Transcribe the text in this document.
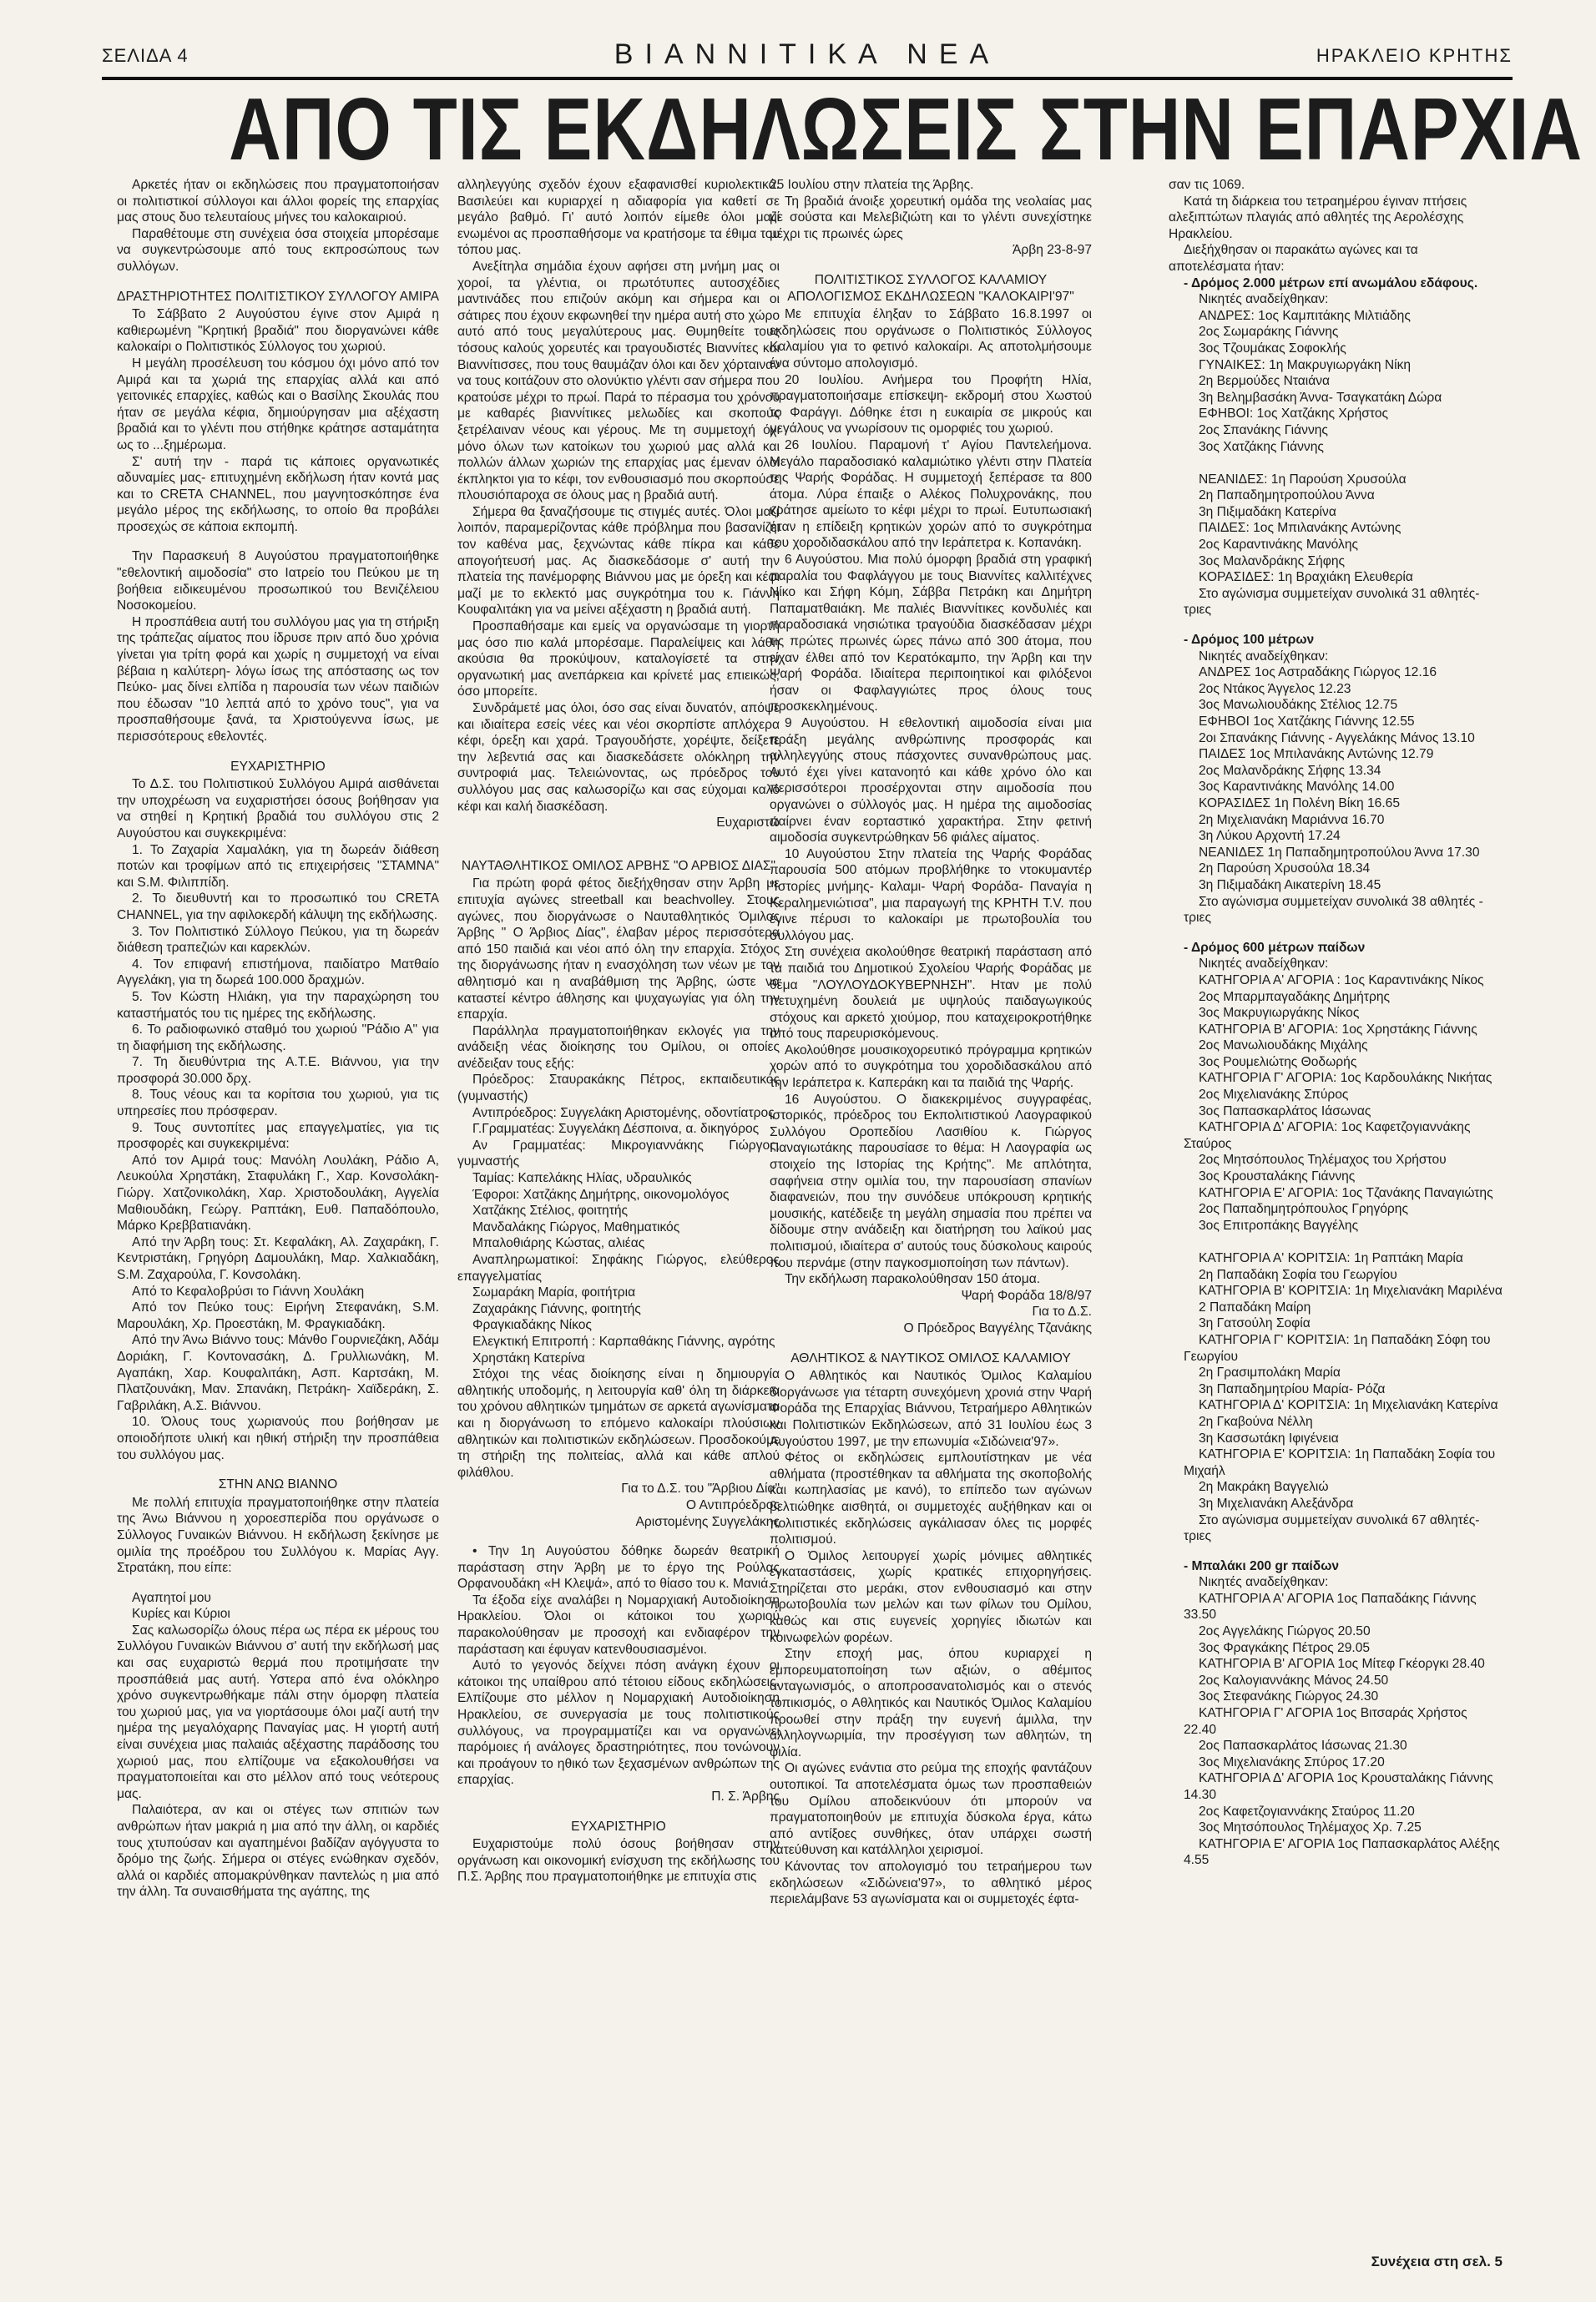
ΣΕΛΙΔΑ 4	ΒΙΑΝΝΙΤΙΚΑ ΝΕΑ	ΗΡΑΚΛΕΙΟ ΚΡΗΤΗΣ
ΑΠΟ ΤΙΣ ΕΚΔΗΛΩΣΕΙΣ ΣΤΗΝ ΕΠΑΡΧΙΑ

Αρκετές ήταν οι εκδηλώσεις που πραγματοποιήσαν οι πολιτιστικοί σύλλογοι και άλλοι φορείς της επαρχίας μας στους δυο τελευταίους μήνες του καλοκαιριού.

Παραθέτουμε στη συνέχεια όσα στοιχεία μπορέσαμε να συγκεντρώσουμε από τους εκπροσώπους των συλλόγων.

ΔΡΑΣΤΗΡΙΟΤΗΤΕΣ ΠΟΛΙΤΙΣΤΙΚΟΥ ΣΥΛΛΟΓΟΥ ΑΜΙΡΑ

Το Σάββατο 2 Αυγούστου έγινε στον Αμιρά η καθιερωμένη "Κρητική βραδιά" που διοργανώνει κάθε καλοκαίρι ο Πολιτιστικός Σύλλογος του χωριού.

Η μεγάλη προσέλευση του κόσμου όχι μόνο από τον Αμιρά και τα χωριά της επαρχίας αλλά και από γειτονικές επαρχίες, καθώς και ο Βασίλης Σκουλάς που ήταν σε μεγάλα κέφια, δημιούργησαν μια αξέχαστη βραδιά και το γλέντι που στήθηκε κράτησε ασταμάτητα ως το ...ξημέρωμα.

Σ' αυτή την - παρά τις κάποιες οργανωτικές αδυναμίες μας- επιτυχημένη εκδήλωση ήταν κοντά μας και το CRETA CHANNEL, που μαγνητοσκόπησε ένα μεγάλο μέρος της εκδήλωσης, το οποίο θα προβάλει προσεχώς σε κάποια εκπομπή.

Την Παρασκευή 8 Αυγούστου πραγματοποιήθηκε "εθελοντική αιμοδοσία" στο Ιατρείο του Πεύκου με τη βοήθεια ειδικευμένου προσωπικού του Βενιζέλειου Νοσοκομείου.

Η προσπάθεια αυτή του συλλόγου μας για τη στήριξη της τράπεζας αίματος που ίδρυσε πριν από δυο χρόνια γίνεται για τρίτη φορά και χωρίς η συμμετοχή να είναι βέβαια η καλύτερη- λόγω ίσως της απόστασης ως τον Πεύκο- μας δίνει ελπίδα η παρουσία των νέων παιδιών που έδωσαν "10 λεπτά από το χρόνο τους", για να προσπαθήσουμε ξανά, τα Χριστούγεννα ίσως, με περισσότερους εθελοντές.

ΕΥΧΑΡΙΣΤΗΡΙΟ

Το Δ.Σ. του Πολιτιστικού Συλλόγου Αμιρά αισθάνεται την υποχρέωση να ευχαριστήσει όσους βοήθησαν για να στηθεί η Κρητική βραδιά του συλλόγου στις 2 Αυγούστου και συγκεκριμένα:

1. Το Ζαχαρία Χαμαλάκη, για τη δωρεάν διάθεση ποτών και τροφίμων από τις επιχειρήσεις "ΣΤΑΜΝΑ" και S.M. Φιλιππίδη.

2. Το διευθυντή και το προσωπικό του CRETA CHANNEL, για την αφιλοκερδή κάλυψη της εκδήλωσης.

3. Τον Πολιτιστικό Σύλλογο Πεύκου, για τη δωρεάν διάθεση τραπεζιών και καρεκλών.

4. Τον επιφανή επιστήμονα, παιδίατρο Ματθαίο Αγγελάκη, για τη δωρεά 100.000 δραχμών.

5. Τον Κώστη Ηλιάκη, για την παραχώρηση του καταστήματός του τις ημέρες της εκδήλωσης.

6. Το ραδιοφωνικό σταθμό του χωριού "Ράδιο Α" για τη διαφήμιση της εκδήλωσης.

7. Τη διευθύντρια της Α.Τ.Ε. Βιάννου, για την προσφορά 30.000 δρχ.

8. Τους νέους και τα κορίτσια του χωριού, για τις υπηρεσίες που πρόσφεραν.

9. Τους συντοπίτες μας επαγγελματίες, για τις προσφορές και συγκεκριμένα:

Από τον Αμιρά τους: Μανόλη Λουλάκη, Ράδιο Α, Λευκούλα Χρηστάκη, Σταφυλάκη Γ., Χαρ. Κονσολάκη- Γιώργ. Χατζονικολάκη, Χαρ. Χριστοδουλάκη, Αγγελία Μαθιουδάκη, Γεώργ. Ραπτάκη, Ευθ. Παπαδόπουλο, Μάρκο Κρεββατιανάκη.

Από την Άρβη τους: Στ. Κεφαλάκη, Αλ. Ζαχαράκη, Γ. Κεντριστάκη, Γρηγόρη Δαμουλάκη, Μαρ. Χαλκιαδάκη, S.M. Ζαχαρούλα, Γ. Κονσολάκη.

Από το Κεφαλοβρύσι το Γιάννη Χουλάκη

Από τον Πεύκο τους: Ειρήνη Στεφανάκη, S.M. Μαρουλάκη, Χρ. Προεστάκη, Μ. Φραγκιαδάκη.

Από την Άνω Βιάννο τους: Μάνθο Γουρνιεζάκη, Αδάμ Δοριάκη, Γ. Κοντονασάκη, Δ. Γρυλλιωνάκη, Μ. Αγαπάκη, Χαρ. Κουφαλιτάκη, Ασπ. Καρτσάκη, Μ. Πλατζουνάκη, Μαν. Σπανάκη, Πετράκη- Χαϊδεράκη, Σ. Γαβριλάκη, Α.Σ. Βιάννου.

10. Όλους τους χωριανούς που βοήθησαν με οποιοδήποτε υλική και ηθική στήριξη την προσπάθεια του συλλόγου μας.

ΣΤΗΝ ΑΝΩ ΒΙΑΝΝΟ

Με πολλή επιτυχία πραγματοποιήθηκε στην πλατεία της Άνω Βιάννου η χοροεσπερίδα που οργάνωσε ο Σύλλογος Γυναικών Βιάννου. Η εκδήλωση ξεκίνησε με ομιλία της προέδρου του Συλλόγου κ. Μαρίας Αγγ. Στρατάκη, που είπε:

Αγαπητοί μου

Κυρίες και Κύριοι

Σας καλωσορίζω όλους πέρα ως πέρα εκ μέρους του Συλλόγου Γυναικών Βιάννου σ' αυτή την εκδήλωσή μας και σας ευχαριστώ θερμά που προτιμήσατε την προσπάθειά μας αυτή. Υστερα από ένα ολόκληρο χρόνο συγκεντρωθήκαμε πάλι στην όμορφη πλατεία του χωριού μας, για να γιορτάσουμε όλοι μαζί αυτή την ημέρα της μεγαλόχαρης Παναγίας μας. Η γιορτή αυτή είναι συνέχεια μιας παλαιάς αξέχαστης παράδοσης του χωριού μας, που ελπίζουμε να εξακολουθήσει να πραγματοποιείται και στο μέλλον από τους νεότερους μας.

Παλαιότερα, αν και οι στέγες των σπιτιών των ανθρώπων ήταν μακριά η μια από την άλλη, οι καρδιές τους χτυπούσαν και αγαπημένοι βαδίζαν αγόγγυστα το δρόμο της ζωής. Σήμερα οι στέγες ενώθηκαν σχεδόν, αλλά οι καρδιές απομακρύνθηκαν παντελώς η μια από την άλλη. Τα συναισθήματα της αγάπης, της

αλληλεγγύης σχεδόν έχουν εξαφανισθεί κυριολεκτικά. Βασιλεύει και κυριαρχεί η αδιαφορία για καθετί σε μεγάλο βαθμό. Γι' αυτό λοιπόν είμεθε όλοι μαζί ενωμένοι ας προσπαθήσομε να κρατήσομε τα έθιμα του τόπου μας.

Ανεξίτηλα σημάδια έχουν αφήσει στη μνήμη μας οι χοροί, τα γλέντια, οι πρωτότυπες αυτοσχέδιες μαντινάδες που επιζούν ακόμη και σήμερα και οι σάτιρες που έχουν εκφωνηθεί την ημέρα αυτή στο χώρο αυτό από τους μεγαλύτερους μας. Θυμηθείτε τους τόσους καλούς χορευτές και τραγουδιστές Βιαννίτες και Βιαννίτισσες, που τους θαυμάζαν όλοι και δεν χόρταιναν να τους κοιτάζουν στο ολονύκτιο γλέντι σαν σήμερα που κρατούσε μέχρι το πρωί. Παρά το πέρασμα του χρόνου με καθαρές βιαννίτικες μελωδίες και σκοπούς ξετρέλαιναν νέους και γέρους. Με τη συμμετοχή όχι μόνο όλων των κατοίκων του χωριού μας αλλά και πολλών άλλων χωριών της επαρχίας μας έμεναν όλοι έκπληκτοι για το κέφι, τον ενθουσιασμό που σκορπούσε πλουσιόπαροχα σε όλους μας η βραδιά αυτή.

Σήμερα θα ξαναζήσουμε τις στιγμές αυτές. Όλοι μαζί λοιπόν, παραμερίζοντας κάθε πρόβλημα που βασανίζει τον καθένα μας, ξεχνώντας κάθε πίκρα και κάθε απογοήτευσή μας. Ας διασκεδάσομε σ' αυτή την πλατεία της πανέμορφης Βιάννου μας με όρεξη και κέφι μαζί με το εκλεκτό μας συγκρότημα του κ. Γιάννη Κουφαλιτάκη για να μείνει αξέχαστη η βραδιά αυτή.

Προσπαθήσαμε και εμείς να οργανώσαμε τη γιορτή μας όσο πιο καλά μπορέσαμε. Παραλείψεις και λάθη ακούσια θα προκύψουν, καταλογίσετέ τα στην οργανωτική μας ανεπάρκεια και κρίνετέ μας επιεικώς, όσο μπορείτε.

Συνδράμετέ μας όλοι, όσο σας είναι δυνατόν, απόψε και ιδιαίτερα εσείς νέες και νέοι σκορπίστε απλόχερα κέφι, όρεξη και χαρά. Τραγουδήστε, χορέψτε, δείξετε την λεβεντιά σας και διασκεδάσετε ολόκληρη την συντροφιά μας. Τελειώνοντας, ως πρόεδρος του συλλόγου μας σας καλωσορίζω και σας εύχομαι καλό κέφι και καλή διασκέδαση.

Ευχαριστώ

ΝΑΥΤΑΘΛΗΤΙΚΟΣ ΟΜΙΛΟΣ ΑΡΒΗΣ "Ο ΑΡΒΙΟΣ ΔΙΑΣ"

Για πρώτη φορά φέτος διεξήχθησαν στην Άρβη με επιτυχία αγώνες streetball και beachvolley. Στους αγώνες, που διοργάνωσε ο Ναυταθλητικός Όμιλος Άρβης " Ο Άρβιος Δίας", έλαβαν μέρος περισσότερα από 150 παιδιά και νέοι από όλη την επαρχία. Στόχος της διοργάνωσης ήταν η ενασχόληση των νέων με τον αθλητισμό και η αναβάθμιση της Άρβης, ώστε να καταστεί κέντρο άθλησης και ψυχαγωγίας για όλη την επαρχία.

Παράλληλα πραγματοποιήθηκαν εκλογές για την ανάδειξη νέας διοίκησης του Ομίλου, οι οποίες ανέδειξαν τους εξής:

Πρόεδρος: Σταυρακάκης Πέτρος, εκπαιδευτικός (γυμναστής)

Αντιπρόεδρος: Συγγελάκη Αριστομένης, οδοντίατρος

Γ.Γραμματέας: Συγγελάκη Δέσποινα, α. δικηγόρος

Αν Γραμματέας: Μικρογιαννάκης Γιώργος, γυμναστής

Ταμίας: Καπελάκης Ηλίας, υδραυλικός

Έφοροι: Χατζάκης Δημήτρης, οικονομολόγος

Χατζάκης Στέλιος, φοιτητής

Μανδαλάκης Γιώργος, Μαθηματικός

Μπαλοθιάρης Κώστας, αλιέας

Αναπληρωματικοί: Σηφάκης Γιώργος, ελεύθερος επαγγελματίας

Σωμαράκη Μαρία, φοιτήτρια

Ζαχαράκης Γιάννης, φοιτητής

Φραγκιαδάκης Νίκος

Ελεγκτική Επιτροπή : Καρπαθάκης Γιάννης, αγρότης

Χρηστάκη Κατερίνα

Στόχοι της νέας διοίκησης είναι η δημιουργία αθλητικής υποδομής, η λειτουργία καθ' όλη τη διάρκεια του χρόνου αθλητικών τμημάτων σε αρκετά αγωνίσματα και η διοργάνωση το επόμενο καλοκαίρι πλούσιων αθλητικών και πολιτιστικών εκδηλώσεων. Προσδοκούμε τη στήριξη της πολιτείας, αλλά και κάθε απλού φιλάθλου.

Για το Δ.Σ. του "Άρβιου Δία"

Ο Αντιπρόεδρος

Αριστομένης Συγγελάκης

• Την 1η Αυγούστου δόθηκε δωρεάν θεατρική παράσταση στην Άρβη με το έργο της Ρούλας Ορφανουδάκη «Η Κλεψά», από το θίασο του κ. Μανιά.

Τα έξοδα είχε αναλάβει η Νομαρχιακή Αυτοδιοίκηση Ηρακλείου. Όλοι οι κάτοικοι του χωριού παρακολούθησαν με προσοχή και ενδιαφέρον την παράσταση και έφυγαν κατενθουσιασμένοι.

Αυτό το γεγονός δείχνει πόση ανάγκη έχουν οι κάτοικοι της υπαίθρου από τέτοιου είδους εκδηλώσεις. Ελπίζουμε στο μέλλον η Νομαρχιακή Αυτοδιοίκηση Ηρακλείου, σε συνεργασία με τους πολιτιστικούς συλλόγους, να προγραμματίζει και να οργανώνει παρόμοιες ή ανάλογες δραστηριότητες, που τονώνουν και προάγουν το ηθικό των ξεχασμένων ανθρώπων της επαρχίας.

Π. Σ. Άρβης

ΕΥΧΑΡΙΣΤΗΡΙΟ

Ευχαριστούμε πολύ όσους βοήθησαν στην οργάνωση και οικονομική ενίσχυση της εκδήλωσης του Π.Σ. Άρβης που πραγματοποιήθηκε με επιτυχία στις

25 Ιουλίου στην πλατεία της Άρβης.

Τη βραδιά άνοιξε χορευτική ομάδα της νεολαίας μας με σούστα και Μελεβιζιώτη και το γλέντι συνεχίστηκε μέχρι τις πρωινές ώρες

Άρβη 23-8-97

ΠΟΛΙΤΙΣΤΙΚΟΣ ΣΥΛΛΟΓΟΣ ΚΑΛΑΜΙΟΥ ΑΠΟΛΟΓΙΣΜΟΣ ΕΚΔΗΛΩΣΕΩΝ "ΚΑΛΟΚΑΙΡΙ'97"

Με επιτυχία έληξαν το Σάββατο 16.8.1997 οι εκδηλώσεις που οργάνωσε ο Πολιτιστικός Σύλλογος Καλαμίου για το φετινό καλοκαίρι. Ας αποτολμήσουμε ένα σύντομο απολογισμό.

20 Ιουλίου. Ανήμερα του Προφήτη Ηλία, πραγματοποιήσαμε επίσκεψη- εκδρομή στου Χωστού το Φαράγγι. Δόθηκε έτσι η ευκαιρία σε μικρούς και μεγάλους να γνωρίσουν τις ομορφιές του χωριού.

26 Ιουλίου. Παραμονή τ' Αγίου Παντελεήμονα. Μεγάλο παραδοσιακό καλαμιώτικο γλέντι στην Πλατεία της Ψαρής Φοράδας. Η συμμετοχή ξεπέρασε τα 800 άτομα. Λύρα έπαιξε ο Αλέκος Πολυχρονάκης, που κράτησε αμείωτο το κέφι μέχρι το πρωί. Ευτυπωσιακή ήταν η επίδειξη κρητικών χορών από το συγκρότημα του χοροδιδασκάλου από την Ιεράπετρα κ. Κοπανάκη.

6 Αυγούστου. Μια πολύ όμορφη βραδιά στη γραφική παραλία του Φαφλάγγου με τους Βιαννίτες καλλιτέχνες Νίκο και Σήφη Κόμη, Σάββα Πετράκη και Δημήτρη Παπαματθαιάκη. Με παλιές Βιαννίτικες κονδυλιές και παραδοσιακά νησιώτικα τραγούδια διασκέδασαν μέχρι τις πρώτες πρωινές ώρες πάνω από 300 άτομα, που είχαν έλθει από τον Κερατόκαμπο, την Άρβη και την Ψαρή Φοράδα. Ιδιαίτερα περιποιητικοί και φιλόξενοι ήσαν οι Φαφλαγγιώτες προς όλους τους προσκεκλημένους.

9 Αυγούστου. Η εθελοντική αιμοδοσία είναι μια πράξη μεγάλης ανθρώπινης προσφοράς και αλληλεγγύης στους πάσχοντες συνανθρώπους μας. Αυτό έχει γίνει κατανοητό και κάθε χρόνο όλο και περισσότεροι προσέρχονται στην αιμοδοσία που οργανώνει ο σύλλογός μας. Η ημέρα της αιμοδοσίας παίρνει έναν εορταστικό χαρακτήρα. Στην φετινή αιμοδοσία συγκεντρώθηκαν 56 φιάλες αίματος.

10 Αυγούστου Στην πλατεία της Ψαρής Φοράδας παρουσία 500 ατόμων προβλήθηκε το ντοκυμαντέρ "Ιστορίες μνήμης- Καλαμι- Ψαρή Φοράδα- Παναγία η Κεραλημενιώτισα", μια παραγωγή της ΚΡΗΤΗ Τ.V. που έγινε πέρυσι το καλοκαίρι με πρωτοβουλία του συλλόγου μας.

Στη συνέχεια ακολούθησε θεατρική παράσταση από τα παιδιά του Δημοτικού Σχολείου Ψαρής Φοράδας με θέμα "ΛΟΥΛΟΥΔΟΚΥΒΕΡΝΗΣΗ". Ηταν με πολύ πετυχημένη δουλειά με υψηλούς παιδαγωγικούς στόχους και αρκετό χιούμορ, που καταχειροκροτήθηκε από τους παρευρισκόμενους.

Ακολούθησε μουσικοχορευτικό πρόγραμμα κρητικών χορών από το συγκρότημα του χοροδιδασκάλου από την Ιεράπετρα κ. Καπεράκη και τα παιδιά της Ψαρής.

16 Αυγούστου. Ο διακεκριμένος συγγραφέας, ιστορικός, πρόεδρος του Εκπολιτιστικού Λαογραφικού Συλλόγου Οροπεδίου Λασιθίου κ. Γιώργος Παναγιωτάκης παρουσίασε το θέμα: Η Λαογραφία ως στοιχείο της Ιστορίας της Κρήτης". Με απλότητα, σαφήνεια στην ομιλία του, την παρουσίαση σπανίων διαφανειών, που την συνόδευε υπόκρουση κρητικής μουσικής, κατέδειξε τη μεγάλη σημασία που πρέπει να δίδουμε στην ανάδειξη και διατήρηση του λαϊκού μας πολιτισμού, ιδιαίτερα σ' αυτούς τους δύσκολους καιρούς που περνάμε (στην παγκοσμιοποίηση των πάντων).

Την εκδήλωση παρακολούθησαν 150 άτομα.

Ψαρή Φοράδα 18/8/97

Για το Δ.Σ.

Ο Πρόεδρος Βαγγέλης Τζανάκης

ΑΘΛΗΤΙΚΟΣ & ΝΑΥΤΙΚΟΣ ΟΜΙΛΟΣ ΚΑΛΑΜΙΟΥ

Ο Αθλητικός και Ναυτικός Όμιλος Καλαμίου διοργάνωσε για τέταρτη συνεχόμενη χρονιά στην Ψαρή Φοράδα της Επαρχίας Βιάννου, Τετραήμερο Αθλητικών και Πολιτιστικών Εκδηλώσεων, από 31 Ιουλίου έως 3 Αυγούστου 1997, με την επωνυμία «Σιδώνεια'97».

Φέτος οι εκδηλώσεις εμπλουτίστηκαν με νέα αθλήματα (προστέθηκαν τα αθλήματα της σκοποβολής και κωπηλασίας με κανό), το επίπεδο των αγώνων βελτιώθηκε αισθητά, οι συμμετοχές αυξήθηκαν και οι πολιτιστικές εκδηλώσεις αγκάλιασαν όλες τις μορφές πολιτισμού.

Ο Όμιλος λειτουργεί χωρίς μόνιμες αθλητικές εγκαταστάσεις, χωρίς κρατικές επιχορηγήσεις. Στηρίζεται στο μεράκι, στον ενθουσιασμό και στην πρωτοβουλία των μελών και των φίλων του Ομίλου, καθώς και στις ευγενείς χορηγίες ιδιωτών και κοινωφελών φορέων.

Στην εποχή μας, όπου κυριαρχεί η εμπορευματοποίηση των αξιών, ο αθέμιτος ανταγωνισμός, ο αποπροσανατολισμός και ο στενός τοπικισμός, ο Αθλητικός και Ναυτικός Όμιλος Καλαμίου προωθεί στην πράξη την ευγενή άμιλλα, την αλληλογνωριμία, την προσέγγιση των αθλητών, τη φιλία.

Οι αγώνες ενάντια στο ρεύμα της εποχής φαντάζουν ουτοπικοί. Τα αποτελέσματα όμως των προσπαθειών του Ομίλου αποδεικνύουν ότι μπορούν να πραγματοποιηθούν με επιτυχία δύσκολα έργα, κάτω από αντίξοες συνθήκες, όταν υπάρχει σωστή κατεύθυνση και κατάλληλοι χειρισμοί.

Κάνοντας τον απολογισμό του τετραήμερου των εκδηλώσεων «Σιδώνεια'97», το αθλητικό μέρος περιελάμβανε 53 αγωνίσματα και οι συμμετοχές έφτα-

σαν τις 1069.

Κατά τη διάρκεια του τετραημέρου έγιναν πτήσεις αλεξιπτώτων πλαγιάς από αθλητές της Αερολέσχης Ηρακλείου.

Διεξήχθησαν οι παρακάτω αγώνες και τα αποτελέσματα ήταν:

- Δρόμος 2.000 μέτρων επί ανωμάλου εδάφους.

Νικητές αναδείχθηκαν:

ΑΝΔΡΕΣ: 1ος Καμπιτάκης Μιλτιάδης

2ος Σωμαράκης Γιάννης

3ος Τζουμάκας Σοφοκλής

ΓΥΝΑΙΚΕΣ: 1η Μακρυγιωργάκη Νίκη

2η Βερμούδες Νταιάνα

3η Βελημβασάκη Άννα- Τσαγκατάκη Δώρα

ΕΦΗΒΟΙ: 1ος Χατζάκης Χρήστος

2ος Σπανάκης Γιάννης

3ος Χατζάκης Γιάννης

ΝΕΑΝΙΔΕΣ: 1η Παρούση Χρυσούλα

2η Παπαδημητροπούλου Άννα

3η Πιξιμαδάκη Κατερίνα

ΠΑΙΔΕΣ: 1ος Μπιλανάκης Αντώνης

2ος Καραντινάκης Μανόλης

3ος Μαλανδράκης Σήφης

ΚΟΡΑΣΙΔΕΣ: 1η Βραχιάκη Ελευθερία

Στο αγώνισμα συμμετείχαν συνολικά 31 αθλητές-τριες

- Δρόμος 100 μέτρων

Νικητές αναδείχθηκαν:

ΑΝΔΡΕΣ 1ος Αστραδάκης Γιώργος 12.16

2ος Ντάκος Άγγελος 12.23

3ος Μανωλιουδάκης Στέλιος 12.75

ΕΦΗΒΟΙ 1ος Χατζάκης Γιάννης 12.55

2οι Σπανάκης Γιάννης - Αγγελάκης Μάνος 13.10

ΠΑΙΔΕΣ 1ος Μπιλανάκης Αντώνης 12.79

2ος Μαλανδράκης Σήφης 13.34

3ος Καραντινάκης Μανόλης 14.00

ΚΟΡΑΣΙΔΕΣ 1η Πολένη Βίκη 16.65

2η Μιχελιανάκη Μαριάννα 16.70

3η Λύκου Αρχοντή 17.24

ΝΕΑΝΙΔΕΣ 1η Παπαδημητροπούλου Άννα 17.30

2η Παρούση Χρυσούλα 18.34

3η Πιξιμαδάκη Αικατερίνη 18.45

Στο αγώνισμα συμμετείχαν συνολικά 38 αθλητές - τριες

- Δρόμος 600 μέτρων παίδων

Νικητές αναδείχθηκαν:

ΚΑΤΗΓΟΡΙΑ Α' ΑΓΟΡΙΑ : 1ος Καραντινάκης Νίκος

2ος Μπαρμπαγαδάκης Δημήτρης

3ος Μακρυγιωργάκης Νίκος

ΚΑΤΗΓΟΡΙΑ Β' ΑΓΟΡΙΑ: 1ος Χρηστάκης Γιάννης

2ος Μανωλιουδάκης Μιχάλης

3ος Ρουμελιώτης Θοδωρής

ΚΑΤΗΓΟΡΙΑ Γ' ΑΓΟΡΙΑ: 1ος Καρδουλάκης Νικήτας

2ος Μιχελιανάκης Σπύρος

3ος Παπασκαρλάτος Ιάσωνας

ΚΑΤΗΓΟΡΙΑ Δ' ΑΓΟΡΙΑ: 1ος Καφετζογιαννάκης Σταύρος

2ος Μητσόπουλος Τηλέμαχος του Χρήστου

3ος Κρουσταλάκης Γιάννης

ΚΑΤΗΓΟΡΙΑ Ε' ΑΓΟΡΙΑ: 1ος Τζανάκης Παναγιώτης

2ος Παπαδημητρόπουλος Γρηγόρης

3ος Επιτροπάκης Βαγγέλης

ΚΑΤΗΓΟΡΙΑ Α' ΚΟΡΙΤΣΙΑ: 1η Ραπτάκη Μαρία

2η Παπαδάκη Σοφία του Γεωργίου

ΚΑΤΗΓΟΡΙΑ Β' ΚΟΡΙΤΣΙΑ: 1η Μιχελιανάκη Μαριλένα

2 Παπαδάκη Μαίρη

3η Γατσούλη Σοφία

ΚΑΤΗΓΟΡΙΑ Γ' ΚΟΡΙΤΣΙΑ: 1η Παπαδάκη Σόφη του Γεωργίου

2η Γρασιμπολάκη Μαρία

3η Παπαδημητρίου Μαρία- Ρόζα

ΚΑΤΗΓΟΡΙΑ Δ' ΚΟΡΙΤΣΙΑ: 1η Μιχελιανάκη Κατερίνα

2η Γκαβούνα Νέλλη

3η Κασσωτάκη Ιφιγένεια

ΚΑΤΗΓΟΡΙΑ Ε' ΚΟΡΙΤΣΙΑ: 1η Παπαδάκη Σοφία του Μιχαήλ

2η Μακράκη Βαγγελιώ

3η Μιχελιανάκη Αλεξάνδρα

Στο αγώνισμα συμμετείχαν συνολικά 67 αθλητές-τριες

- Μπαλάκι 200 gr παίδων

Νικητές αναδείχθηκαν:

ΚΑΤΗΓΟΡΙΑ Α' ΑΓΟΡΙΑ 1ος Παπαδάκης Γιάννης 33.50

2ος Αγγελάκης Γιώργος 20.50

3ος Φραγκάκης Πέτρος 29.05

ΚΑΤΗΓΟΡΙΑ Β' ΑΓΟΡΙΑ 1ος Μίτεφ Γκέοργκι 28.40

2ος Καλογιαννάκης Μάνος 24.50

3ος Στεφανάκης Γιώργος 24.30

ΚΑΤΗΓΟΡΙΑ Γ' ΑΓΟΡΙΑ 1ος Βιτσαράς Χρήστος 22.40

2ος Παπασκαρλάτος Ιάσωνας 21.30

3ος Μιχελιανάκης Σπύρος 17.20

ΚΑΤΗΓΟΡΙΑ Δ' ΑΓΟΡΙΑ 1ος Κρουσταλάκης Γιάννης 14.30

2ος Καφετζογιαννάκης Σταύρος 11.20

3ος Μητσόπουλος Τηλέμαχος Χρ. 7.25

ΚΑΤΗΓΟΡΙΑ Ε' ΑΓΟΡΙΑ 1ος Παπασκαρλάτος Αλέξης 4.55

Συνέχεια στη σελ. 5
